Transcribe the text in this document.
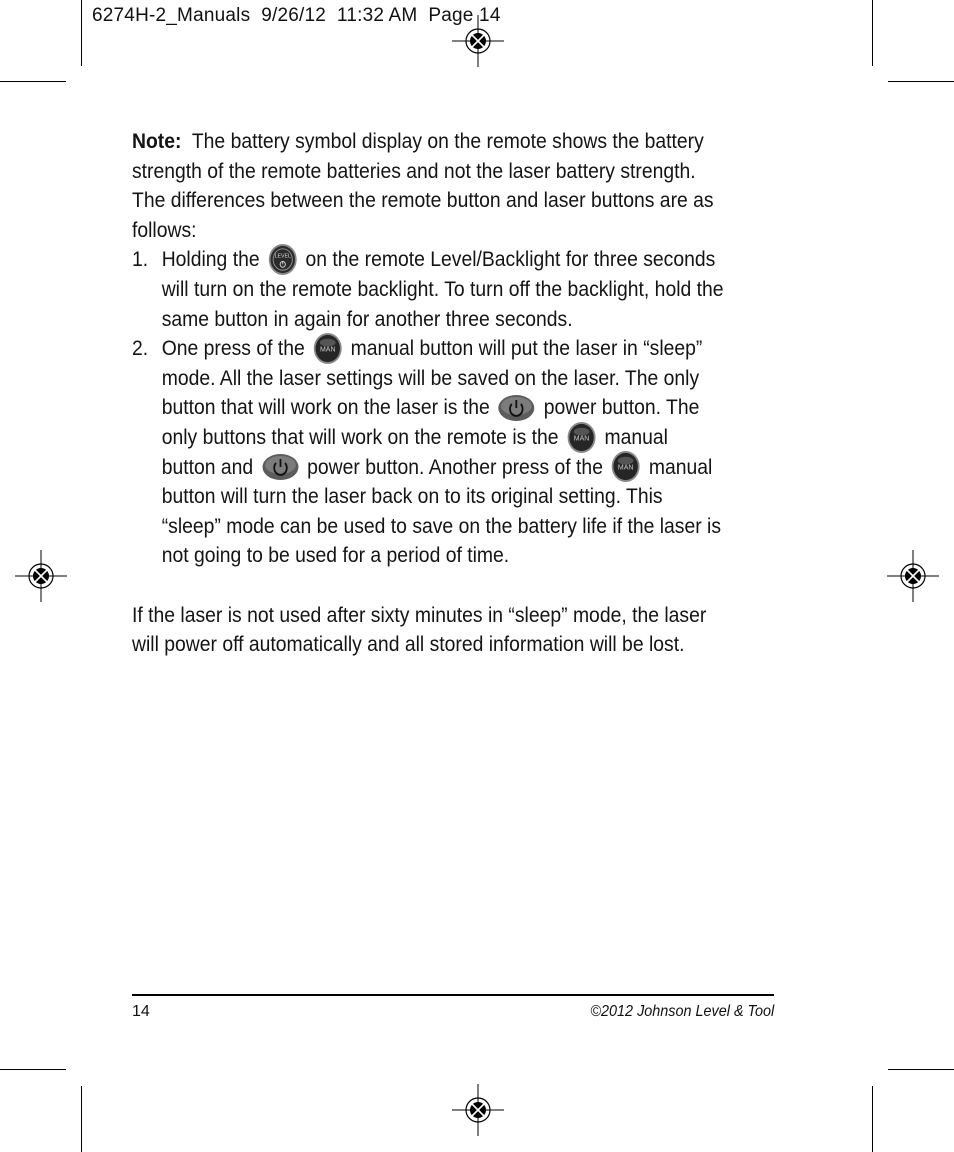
6274H-2_Manuals  9/26/12  11:32 AM  Page 14

Note: The battery symbol display on the remote shows the battery strength of the remote batteries and not the laser battery strength. The differences between the remote button and laser buttons are as follows:

1. Holding the LEVEL on the remote Level/Backlight for three seconds will turn on the remote backlight. To turn off the backlight, hold the same button in again for another three seconds.
2. One press of the MAN manual button will put the laser in “sleep” mode. All the laser settings will be saved on the laser. The only button that will work on the laser is the	power button. The only buttons that will work on the remote is the MAN manual button and	power button. Another press of the MAN manual button will turn the laser back on to its original setting. This “sleep” mode can be used to save on the battery life if the laser is not going to be used for a period of time.

If the laser is not used after sixty minutes in “sleep” mode, the laser will power off automatically and all stored information will be lost.

14	©2012 Johnson Level & Tool
